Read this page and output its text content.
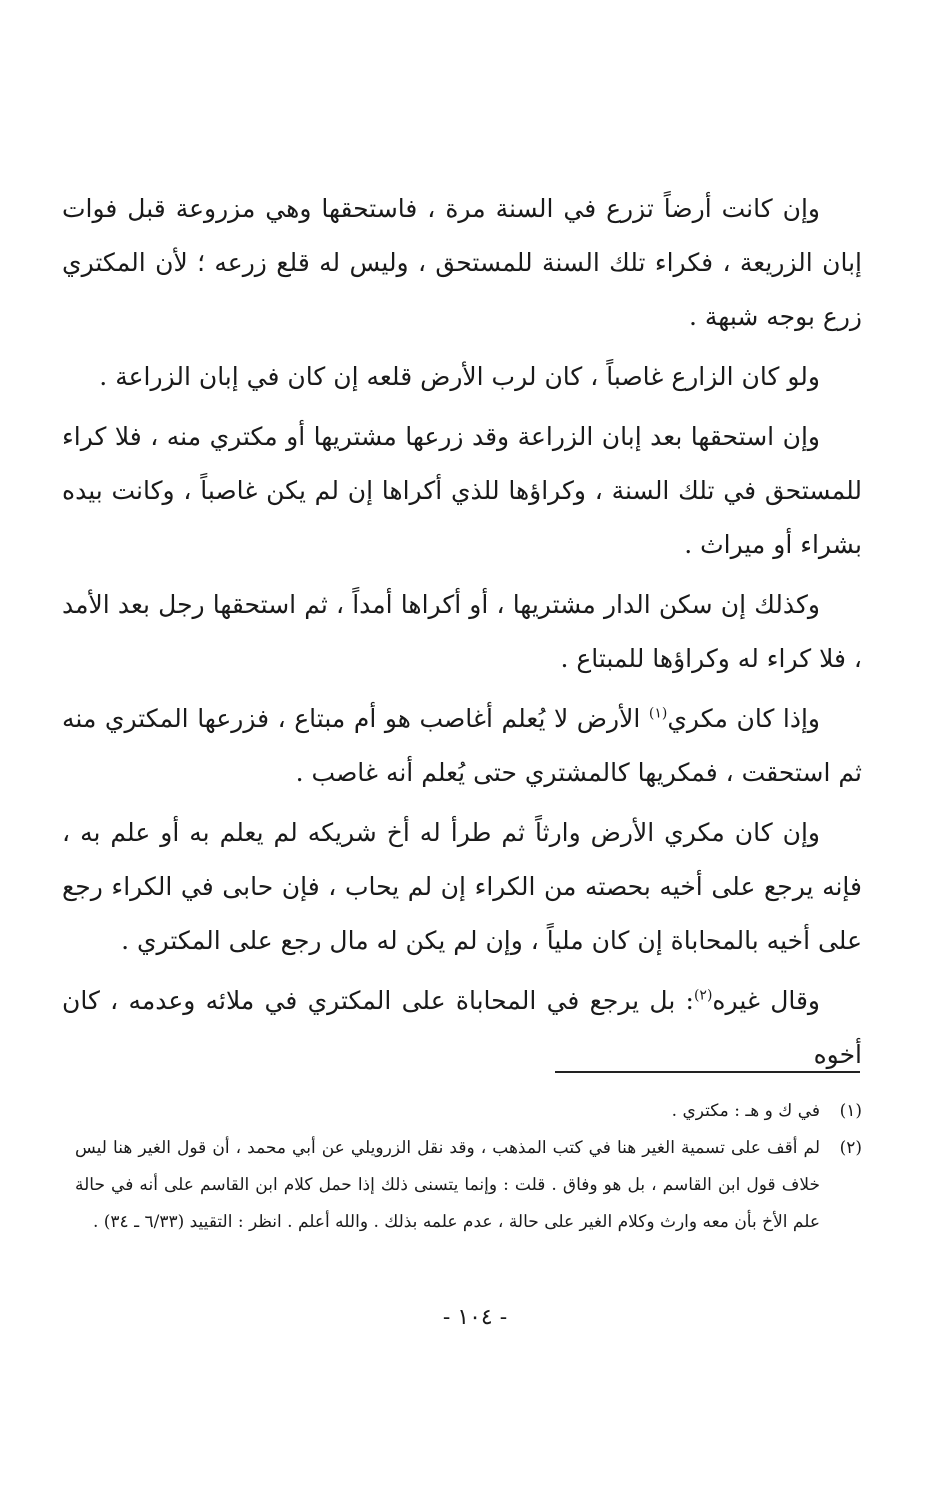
وإن كانت أرضاً تزرع في السنة مرة ، فاستحقها وهي مزروعة قبل فوات إبان الزريعة ، فكراء تلك السنة للمستحق ، وليس له قلع زرعه ؛ لأن المكتري زرع بوجه شبهة .

ولو كان الزارع غاصباً ، كان لرب الأرض قلعه إن كان في إبان الزراعة .

وإن استحقها بعد إبان الزراعة وقد زرعها مشتريها أو مكتري منه ، فلا كراء للمستحق في تلك السنة ، وكراؤها للذي أكراها إن لم يكن غاصباً ، وكانت بيده بشراء أو ميراث .

وكذلك إن سكن الدار مشتريها ، أو أكراها أمداً ، ثم استحقها رجل بعد الأمد ، فلا كراء له وكراؤها للمبتاع .

وإذا كان مكري$^{(١)}$ الأرض لا يُعلم أغاصب هو أم مبتاع ، فزرعها المكتري منه ثم استحقت ، فمكريها كالمشتري حتى يُعلم أنه غاصب .

وإن كان مكري الأرض وارثاً ثم طرأ له أخ شريكه لم يعلم به أو علم به ، فإنه يرجع على أخيه بحصته من الكراء إن لم يحاب ، فإن حابى في الكراء رجع على أخيه بالمحاباة إن كان ملياً ، وإن لم يكن له مال رجع على المكتري .

وقال غيره$^{(٢)}$: بل يرجع في المحاباة على المكتري في ملائه وعدمه ، كان أخوه

(١)
في ك و هـ : مكتري .
(٢)
لم أقف على تسمية الغير هنا في كتب المذهب ، وقد نقل الزرويلي عن أبي محمد ، أن قول الغير هنا ليس خلاف قول ابن القاسم ، بل هو وفاق . قلت : وإنما يتسنى ذلك إذا حمل كلام ابن القاسم على أنه في حالة علم الأخ بأن معه وارث وكلام الغير على حالة ، عدم علمه بذلك . والله أعلم . انظر : التقييد (٦/٣٣ ـ ٣٤) .
- ١٠٤ -
